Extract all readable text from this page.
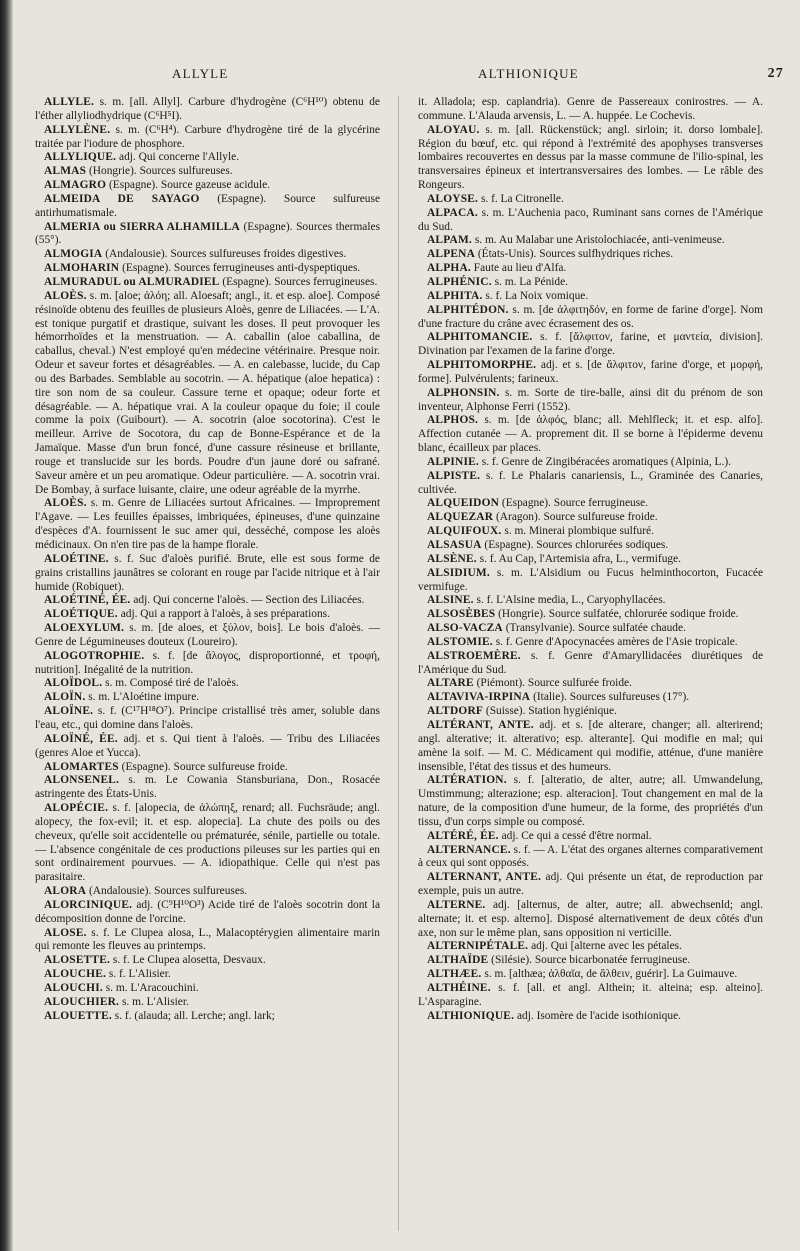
ALLYLE	ALTHIONIQUE	27

ALLYLE. s. m. [all. Allyl]. Carbure d'hydrogène (C⁶H¹⁰) obtenu de l'éther allyliodhydrique (C⁶H⁵I).

ALLYLÈNE. s. m. (C⁶H⁴). Carbure d'hydrogène tiré de la glycérine traitée par l'iodure de phosphore.

ALLYLIQUE. adj. Qui concerne l'Allyle.

ALMAS (Hongrie). Sources sulfureuses.

ALMAGRO (Espagne). Source gazeuse acidule.

ALMEIDA DE SAYAGO (Espagne). Source sulfureuse antirhumatismale.

ALMERIA ou SIERRA ALHAMILLA (Espagne). Sources thermales (55°).

ALMOGIA (Andalousie). Sources sulfureuses froides digestives.

ALMOHARIN (Espagne). Sources ferrugineuses anti-dyspeptiques.

ALMURADUL ou ALMURADIEL (Espagne). Sources ferrugineuses.

ALOÈS. s. m. [aloe; ἀλόη; all. Aloesaft; angl., it. et esp. aloe]. Composé résinoïde obtenu des feuilles de plusieurs Aloès, genre de Liliacées. — L'A. est tonique purgatif et drastique, suivant les doses. Il peut provoquer les hémorrhoïdes et la menstruation. — A. caballin (aloe caballina, de caballus, cheval.) N'est employé qu'en médecine vétérinaire. Presque noir. Odeur et saveur fortes et désagréables. — A. en calebasse, lucide, du Cap ou des Barbades. Semblable au socotrin. — A. hépatique (aloe hepatica) : tire son nom de sa couleur. Cassure terne et opaque; odeur forte et désagréable. — A. hépatique vrai. A la couleur opaque du foie; il coule comme la poix (Guibourt). — A. socotrin (aloe socotorina). C'est le meilleur. Arrive de Socotora, du cap de Bonne-Espérance et de la Jamaïque. Masse d'un brun foncé, d'une cassure résineuse et brillante, rouge et translucide sur les bords. Poudre d'un jaune doré ou safrané. Saveur amère et un peu aromatique. Odeur particulière. — A. socotrin vrai. De Bombay, à surface luisante, claire, une odeur agréable de la myrrhe.

ALOÈS. s. m. Genre de Liliacées surtout Africaines. — Improprement l'Agave. — Les feuilles épaisses, imbriquées, épineuses, d'une quinzaine d'espèces d'A. fournissent le suc amer qui, desséché, compose les aloès médicinaux. On n'en tire pas de la hampe florale.

ALOÉTINE. s. f. Suc d'aloès purifié. Brute, elle est sous forme de grains cristallins jaunâtres se colorant en rouge par l'acide nitrique et à l'air humide (Robiquet).

ALOÉTINÉ, ÉE. adj. Qui concerne l'aloès. — Section des Liliacées.

ALOÉTIQUE. adj. Qui a rapport à l'aloès, à ses préparations.

ALOEXYLUM. s. m. [de aloes, et ξύλον, bois]. Le bois d'aloès. — Genre de Légumineuses douteux (Loureiro).

ALOGOTROPHIE. s. f. [de ἄλογος, disproportionné, et τροφή, nutrition]. Inégalité de la nutrition.

ALOÏDOL. s. m. Composé tiré de l'aloès.

ALOÏN. s. m. L'Aloétine impure.

ALOÏNE. s. f. (C¹⁷H¹⁸O⁷). Principe cristallisé très amer, soluble dans l'eau, etc., qui domine dans l'aloès.

ALOÏNÉ, ÉE. adj. et s. Qui tient à l'aloès. — Tribu des Liliacées (genres Aloe et Yucca).

ALOMARTES (Espagne). Source sulfureuse froide.

ALONSENEL. s. m. Le Cowania Stansburiana, Don., Rosacée astringente des États-Unis.

ALOPÉCIE. s. f. [alopecia, de ἀλώπηξ, renard; all. Fuchsräude; angl. alopecy, the fox-evil; it. et esp. alopecia]. La chute des poils ou des cheveux, qu'elle soit accidentelle ou prématurée, sénile, partielle ou totale. — L'absence congénitale de ces productions pileuses sur les parties qui en sont ordinairement pourvues. — A. idiopathique. Celle qui n'est pas parasitaire.

ALORA (Andalousie). Sources sulfureuses.

ALORCINIQUE. adj. (C⁹H¹⁰O³) Acide tiré de l'aloès socotrin dont la décomposition donne de l'orcine.

ALOSE. s. f. Le Clupea alosa, L., Malacoptérygien alimentaire marin qui remonte les fleuves au printemps.

ALOSETTE. s. f. Le Clupea alosetta, Desvaux.

ALOUCHE. s. f. L'Alisier.

ALOUCHI. s. m. L'Aracouchini.

ALOUCHIER. s. m. L'Alisier.

ALOUETTE. s. f. (alauda; all. Lerche; angl. lark;

it. Alladola; esp. caplandria). Genre de Passereaux conirostres. — A. commune. L'Alauda arvensis, L. — A. huppée. Le Cochevis.

ALOYAU. s. m. [all. Rückenstück; angl. sirloin; it. dorso lombale]. Région du bœuf, etc. qui répond à l'extrémité des apophyses transverses lombaires recouvertes en dessus par la masse commune de l'ilio-spinal, les transversaires épineux et intertransversaires des lombes. — Le râble des Rongeurs.

ALOYSE. s. f. La Citronelle.

ALPACA. s. m. L'Auchenia paco, Ruminant sans cornes de l'Amérique du Sud.

ALPAM. s. m. Au Malabar une Aristolochiacée, anti-venimeuse.

ALPENA (États-Unis). Sources sulfhydriques riches.

ALPHA. Faute au lieu d'Alfa.

ALPHÉNIC. s. m. La Pénide.

ALPHITA. s. f. La Noix vomique.

ALPHITÉDON. s. m. [de ἀλφιτηδόν, en forme de farine d'orge]. Nom d'une fracture du crâne avec écrasement des os.

ALPHITOMANCIE. s. f. [ἄλφιτον, farine, et μαντεία, division]. Divination par l'examen de la farine d'orge.

ALPHITOMORPHE. adj. et s. [de ἄλφιτον, farine d'orge, et μορφή, forme]. Pulvérulents; farineux.

ALPHONSIN. s. m. Sorte de tire-balle, ainsi dit du prénom de son inventeur, Alphonse Ferri (1552).

ALPHOS. s. m. [de ἀλφός, blanc; all. Mehlfleck; it. et esp. alfo]. Affection cutanée — A. proprement dit. Il se borne à l'épiderme devenu blanc, écailleux par places.

ALPINIE. s. f. Genre de Zingibéracées aromatiques (Alpinia, L.).

ALPISTE. s. f. Le Phalaris canariensis, L., Graminée des Canaries, cultivée.

ALQUEIDON (Espagne). Source ferrugineuse.

ALQUEZAR (Aragon). Source sulfureuse froide.

ALQUIFOUX. s. m. Minerai plombique sulfuré.

ALSASUA (Espagne). Sources chlorurées sodiques.

ALSÈNE. s. f. Au Cap, l'Artemisia afra, L., vermifuge.

ALSIDIUM. s. m. L'Alsidium ou Fucus helminthocorton, Fucacée vermifuge.

ALSINE. s. f. L'Alsine media, L., Caryophyllacées.

ALSOSÈBES (Hongrie). Source sulfatée, chlorurée sodique froide.

ALSO-VACZA (Transylvanie). Source sulfatée chaude.

ALSTOMIE. s. f. Genre d'Apocynacées amères de l'Asie tropicale.

ALSTROEMÈRE. s. f. Genre d'Amaryllidacées diurétiques de l'Amérique du Sud.

ALTARE (Piémont). Source sulfurée froide.

ALTAVIVA-IRPINA (Italie). Sources sulfureuses (17°).

ALTDORF (Suisse). Station hygiénique.

ALTÉRANT, ANTE. adj. et s. [de alterare, changer; all. alterirend; angl. alterative; it. alterativo; esp. alterante]. Qui modifie en mal; qui amène la soif. — M. C. Médicament qui modifie, atténue, d'une manière insensible, l'état des tissus et des humeurs.

ALTÉRATION. s. f. [alteratio, de alter, autre; all. Umwandelung, Umstimmung; alterazione; esp. alteracion]. Tout changement en mal de la nature, de la composition d'une humeur, de la forme, des propriétés d'un tissu, d'un corps simple ou composé.

ALTÉRÉ, ÉE. adj. Ce qui a cessé d'être normal.

ALTERNANCE. s. f. — A. L'état des organes alternes comparativement à ceux qui sont opposés.

ALTERNANT, ANTE. adj. Qui présente un état, de reproduction par exemple, puis un autre.

ALTERNE. adj. [alternus, de alter, autre; all. abwechsenld; angl. alternate; it. et esp. alterno]. Disposé alternativement de deux côtés d'un axe, non sur le même plan, sans opposition ni verticille.

ALTERNIPÉTALE. adj. Qui [alterne avec les pétales.

ALTHAÏDE (Silésie). Source bicarbonatée ferrugineuse.

ALTHÆE. s. m. [althæa; ἀλθαῖα, de ἄλθειν, guérir]. La Guimauve.

ALTHÉINE. s. f. [all. et angl. Althein; it. alteina; esp. alteino]. L'Asparagine.

ALTHIONIQUE. adj. Isomère de l'acide isothionique.
